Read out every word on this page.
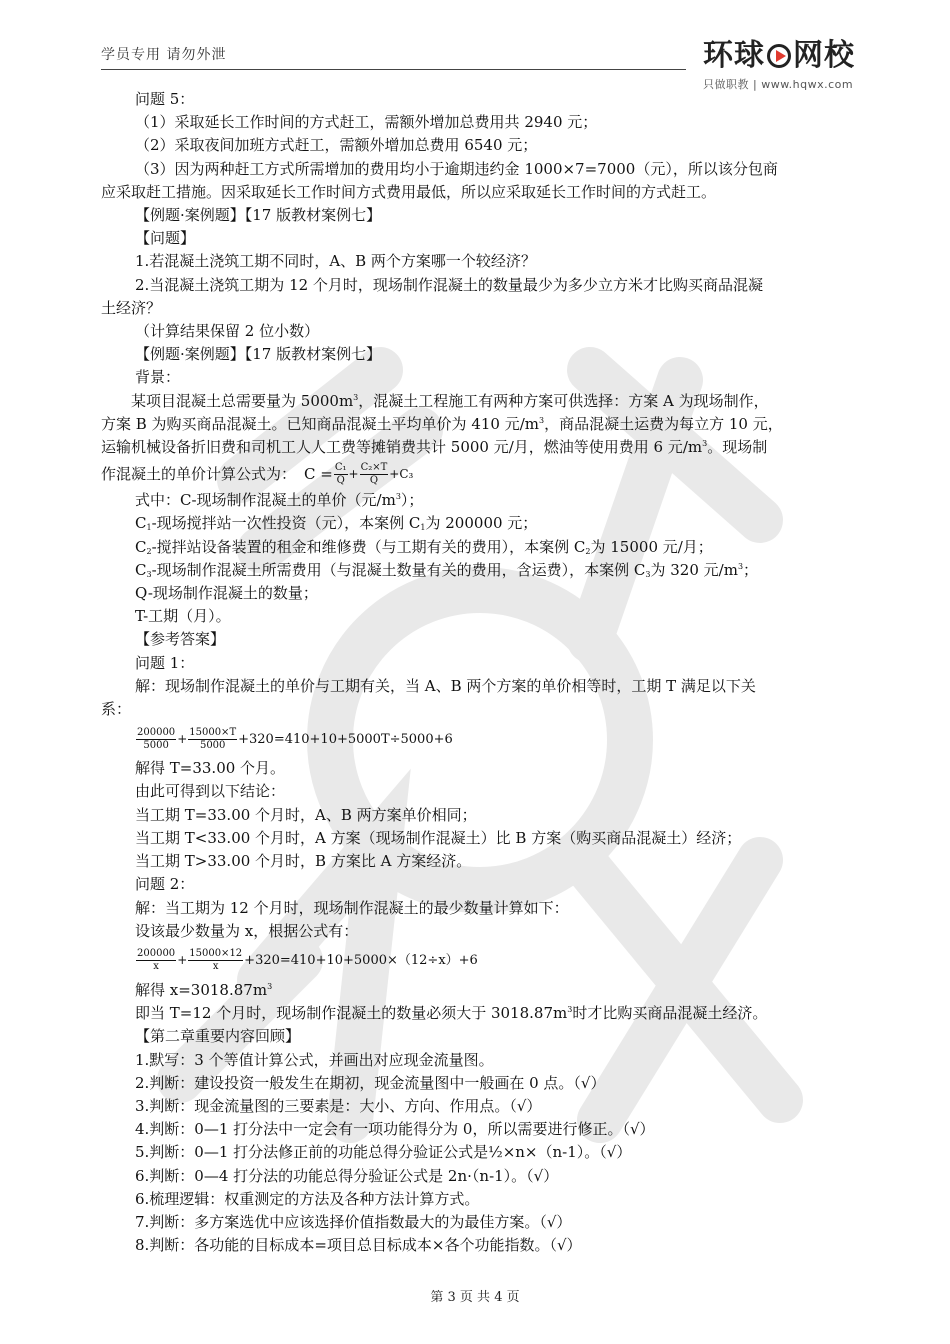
学员专用 请勿外泄	环球 网校
只做职教 | www.hqwx.com

问题 5：

（1）采取延长工作时间的方式赶工，需额外增加总费用共 2940 元；

（2）采取夜间加班方式赶工，需额外增加总费用 6540 元；

（3）因为两种赶工方式所需增加的费用均小于逾期违约金 1000×7=7000（元），所以该分包商

应采取赶工措施。因采取延长工作时间方式费用最低，所以应采取延长工作时间的方式赶工。

【例题·案例题】【17 版教材案例七】

【问题】

1.若混凝土浇筑工期不同时，A、B 两个方案哪一个较经济？

2.当混凝土浇筑工期为 12 个月时，现场制作混凝土的数量最少为多少立方米才比购买商品混凝

土经济？

（计算结果保留 2 位小数）

【例题·案例题】【17 版教材案例七】

背景：

某项目混凝土总需要量为 $5000m^3$，混凝土工程施工有两种方案可供选择：方案 A 为现场制作，

方案 B 为购买商品混凝土。已知商品混凝土平均单价为 410 元$/m^3$，商品混凝土运费为每立方 10 元，

运输机械设备折旧费和司机工人人工费等摊销费共计 5000 元/月，燃油等使用费用 6 元$/m^3$。现场制

作混凝土的单价计算公式为： $C = \frac{\text{C₁}}{Q} + \frac{\text{C₂×T}}{Q} +C_3$

式中：C-现场制作混凝土的单价（元$/m^3$）；

$C_1-$现场搅拌站一次性投资（元），本案例 $C_1$为 200000 元；

$C_2-$搅拌站设备装置的租金和维修费（与工期有关的费用），本案例 $C_2$为 15000 元/月；

$C_3-$现场制作混凝土所需费用（与混凝土数量有关的费用，含运费），本案例 $C_3$为 320 元$/m^3$；

Q-现场制作混凝土的数量；

T-工期（月）。

【参考答案】

问题 1：

解：现场制作混凝土的单价与工期有关，当 A、B 两个方案的单价相等时，工期 T 满足以下关

系：

$\frac{200000}{5000} + \frac{15000\times T}{5000} +320=410+10+5000T\div 5000+6$

解得 T=33.00 个月。

由此可得到以下结论：

当工期 T=33.00 个月时，A、B 两方案单价相同；

当工期 T<33.00 个月时，A 方案（现场制作混凝土）比 B 方案（购买商品混凝土）经济；

当工期 T>33.00 个月时，B 方案比 A 方案经济。

问题 2：

解：当工期为 12 个月时，现场制作混凝土的最少数量计算如下：

设该最少数量为 x，根据公式有：

$\frac{200000}{x} + \frac{15000\times 12}{x} +320=410+10+5000\times(12\div x)+6$

解得 $x=3018.87m^3$

即当 T=12 个月时，现场制作混凝土的数量必须大于 $3018.87m^3$时才比购买商品混凝土经济。

【第二章重要内容回顾】

1.默写：3 个等值计算公式，并画出对应现金流量图。

2.判断：建设投资一般发生在期初，现金流量图中一般画在 0 点。（√）

3.判断：现金流量图的三要素是：大小、方向、作用点。（√）

4.判断：0—1 打分法中一定会有一项功能得分为 0，所以需要进行修正。（√）

5.判断：0—1 打分法修正前的功能总得分验证公式是½×n×（n-1）。（√）

6.判断：0—4 打分法的功能总得分验证公式是 2n·（n-1）。（√）

6.梳理逻辑：权重测定的方法及各种方法计算方式。

7.判断：多方案选优中应该选择价值指数最大的为最佳方案。（√）

8.判断：各功能的目标成本=项目总目标成本×各个功能指数。（√）

第 3 页 共 4 页
